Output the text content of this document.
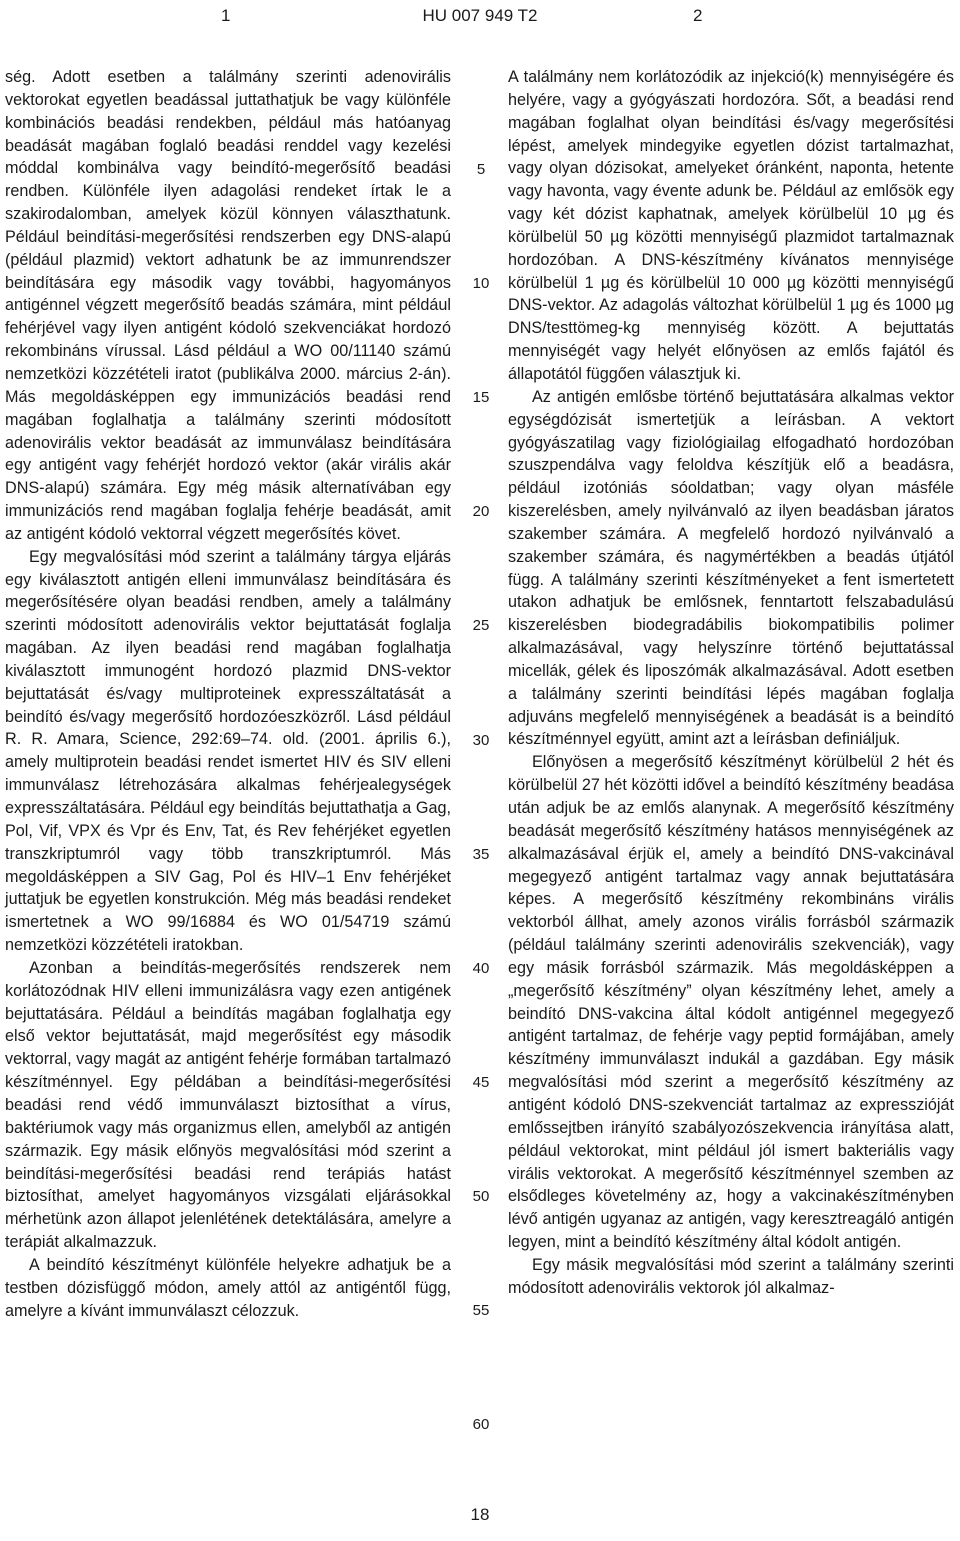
1	HU 007 949 T2	2

ség. Adott esetben a találmány szerinti adenovirális vektorokat egyetlen beadással juttathatjuk be vagy különféle kombinációs beadási rendekben, például más hatóanyag beadását magában foglaló beadási renddel vagy kezelési móddal kombinálva vagy beindító-megerősítő beadási rendben. Különféle ilyen adagolási rendeket írtak le a szakirodalomban, amelyek közül könnyen választhatunk. Például beindítási-megerősítési rendszerben egy DNS-alapú (például plazmid) vektort adhatunk be az immunrendszer beindítására egy második vagy további, hagyományos antigénnel végzett megerősítő beadás számára, mint például fehérjével vagy ilyen antigént kódoló szekvenciákat hordozó rekombináns vírussal. Lásd például a WO 00/11140 számú nemzetközi közzétételi iratot (publikálva 2000. március 2-án). Más megoldásképpen egy immunizációs beadási rend magában foglalhatja a találmány szerinti módosított adenovirális vektor beadását az immunválasz beindítására egy antigént vagy fehérjét hordozó vektor (akár virális akár DNS-alapú) számára. Egy még másik alternatívában egy immunizációs rend magában foglalja fehérje beadását, amit az antigént kódoló vektorral végzett megerősítés követ.

Egy megvalósítási mód szerint a találmány tárgya eljárás egy kiválasztott antigén elleni immunválasz beindítására és megerősítésére olyan beadási rendben, amely a találmány szerinti módosított adenovirális vektor bejuttatását foglalja magában. Az ilyen beadási rend magában foglalhatja kiválasztott immunogént hordozó plazmid DNS-vektor bejuttatását és/vagy multiproteinek expresszáltatását a beindító és/vagy megerősítő hordozóeszközről. Lásd például R. R. Amara, Science, 292:69–74. old. (2001. április 6.), amely multiprotein beadási rendet ismertet HIV és SIV elleni immunválasz létrehozására alkalmas fehérjealegységek expresszáltatására. Például egy beindítás bejuttathatja a Gag, Pol, Vif, VPX és Vpr és Env, Tat, és Rev fehérjéket egyetlen transzkriptumról vagy több transzkriptumról. Más megoldásképpen a SIV Gag, Pol és HIV–1 Env fehérjéket juttatjuk be egyetlen konstrukción. Még más beadási rendeket ismertetnek a WO 99/16884 és WO 01/54719 számú nemzetközi közzétételi iratokban.

Azonban a beindítás-megerősítés rendszerek nem korlátozódnak HIV elleni immunizálásra vagy ezen antigének bejuttatására. Például a beindítás magában foglalhatja egy első vektor bejuttatását, majd megerősítést egy második vektorral, vagy magát az antigént fehérje formában tartalmazó készítménnyel. Egy példában a beindítási-megerősítési beadási rend védő immunválaszt biztosíthat a vírus, baktériumok vagy más organizmus ellen, amelyből az antigén származik. Egy másik előnyös megvalósítási mód szerint a beindítási-megerősítési beadási rend terápiás hatást biztosíthat, amelyet hagyományos vizsgálati eljárásokkal mérhetünk azon állapot jelenlétének detektálására, amelyre a terápiát alkalmazzuk.

A beindító készítményt különféle helyekre adhatjuk be a testben dózisfüggő módon, amely attól az antigéntől függ, amelyre a kívánt immunválaszt célozzuk.

5
10
15
20
25
30
35
40
45
50
55
60

A találmány nem korlátozódik az injekció(k) mennyiségére és helyére, vagy a gyógyászati hordozóra. Sőt, a beadási rend magában foglalhat olyan beindítási és/vagy megerősítési lépést, amelyek mindegyike egyetlen dózist tartalmazhat, vagy olyan dózisokat, amelyeket óránként, naponta, hetente vagy havonta, vagy évente adunk be. Például az emlősök egy vagy két dózist kaphatnak, amelyek körülbelül 10 µg és körülbelül 50 µg közötti mennyiségű plazmidot tartalmaznak hordozóban. A DNS-készítmény kívánatos mennyisége körülbelül 1 µg és körülbelül 10 000 µg közötti mennyiségű DNS-vektor. Az adagolás változhat körülbelül 1 µg és 1000 µg DNS/testtömeg-kg mennyiség között. A bejuttatás mennyiségét vagy helyét előnyösen az emlős fajától és állapotától függően választjuk ki.

Az antigén emlősbe történő bejuttatására alkalmas vektor egységdózisát ismertetjük a leírásban. A vektort gyógyászatilag vagy fiziológiailag elfogadható hordozóban szuszpendálva vagy feloldva készítjük elő a beadásra, például izotóniás sóoldatban; vagy olyan másféle kiszerelésben, amely nyilvánvaló az ilyen beadásban járatos szakember számára. A megfelelő hordozó nyilvánvaló a szakember számára, és nagymértékben a beadás útjától függ. A találmány szerinti készítményeket a fent ismertetett utakon adhatjuk be emlősnek, fenntartott felszabadulású kiszerelésben biodegradábilis biokompatibilis polimer alkalmazásával, vagy helyszínre történő bejuttatással micellák, gélek és liposzómák alkalmazásával. Adott esetben a találmány szerinti beindítási lépés magában foglalja adjuváns megfelelő mennyiségének a beadását is a beindító készítménnyel együtt, amint azt a leírásban definiáljuk.

Előnyösen a megerősítő készítményt körülbelül 2 hét és körülbelül 27 hét közötti idővel a beindító készítmény beadása után adjuk be az emlős alanynak. A megerősítő készítmény beadását megerősítő készítmény hatásos mennyiségének az alkalmazásával érjük el, amely a beindító DNS-vakcinával megegyező antigént tartalmaz vagy annak bejuttatására képes. A megerősítő készítmény rekombináns virális vektorból állhat, amely azonos virális forrásból származik (például találmány szerinti adenovirális szekvenciák), vagy egy másik forrásból származik. Más megoldásképpen a „megerősítő készítmény” olyan készítmény lehet, amely a beindító DNS-vakcina által kódolt antigénnel megegyező antigént tartalmaz, de fehérje vagy peptid formájában, amely készítmény immunválaszt indukál a gazdában. Egy másik megvalósítási mód szerint a megerősítő készítmény az antigént kódoló DNS-szekvenciát tartalmaz az expresszióját emlőssejtben irányító szabályozószekvencia irányítása alatt, például vektorokat, mint például jól ismert bakteriális vagy virális vektorokat. A megerősítő készítménnyel szemben az elsődleges követelmény az, hogy a vakcinakészítményben lévő antigén ugyanaz az antigén, vagy keresztreagáló antigén legyen, mint a beindító készítmény által kódolt antigén.

Egy másik megvalósítási mód szerint a találmány szerinti módosított adenovirális vektorok jól alkalmaz-

18
